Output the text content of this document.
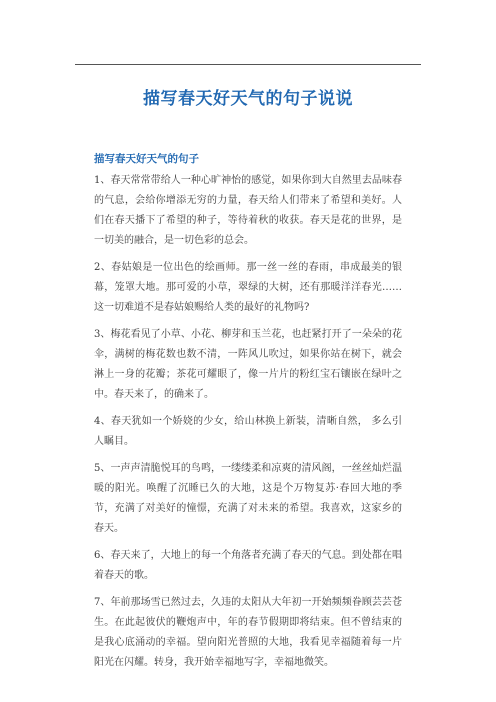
描写春天好天气的句子说说
描写春天好天气的句子

1、春天常常带给人一种心旷神怡的感觉，如果你到大自然里去品味春的气息，会给你增添无穷的力量，春天给人们带来了希望和美好。人们在春天播下了希望的种子，等待着秋的收获。春天是花的世界，是一切美的融合，是一切色彩的总会。

2、春姑娘是一位出色的绘画师。那一丝一丝的春雨，串成最美的银幕，笼罩大地。那可爱的小草，翠绿的大树，还有那暖洋洋春光……这一切难道不是春姑娘赐给人类的最好的礼物吗?

3、梅花看见了小草、小花、柳芽和玉兰花，也赶紧打开了一朵朵的花伞，满树的梅花数也数不清，一阵风儿吹过，如果你站在树下，就会淋上一身的花瓣；茶花可耀眼了，像一片片的粉红宝石镶嵌在绿叶之中。春天来了，的确来了。

4、春天犹如一个娇娆的少女，给山林换上新装，清晰自然， 多么引人瞩目。

5、一声声清脆悦耳的鸟鸣，一缕缕柔和凉爽的清风阁，一丝丝灿烂温暖的阳光。唤醒了沉睡已久的大地，这是个万物复苏·春回大地的季节，充满了对美好的憧憬，充满了对未来的希望。我喜欢，这家乡的春天。

6、春天来了，大地上的每一个角落者充满了春天的气息。到处都在唱着春天的歌。

7、年前那场雪已然过去，久违的太阳从大年初一开始频频眷顾芸芸苍生。在此起彼伏的鞭炮声中，年的春节假期即将结束。但不曾结束的是我心底涌动的幸福。望向阳光普照的大地，我看见幸福随着每一片阳光在闪耀。转身，我开始幸福地写字，幸福地微笑。
